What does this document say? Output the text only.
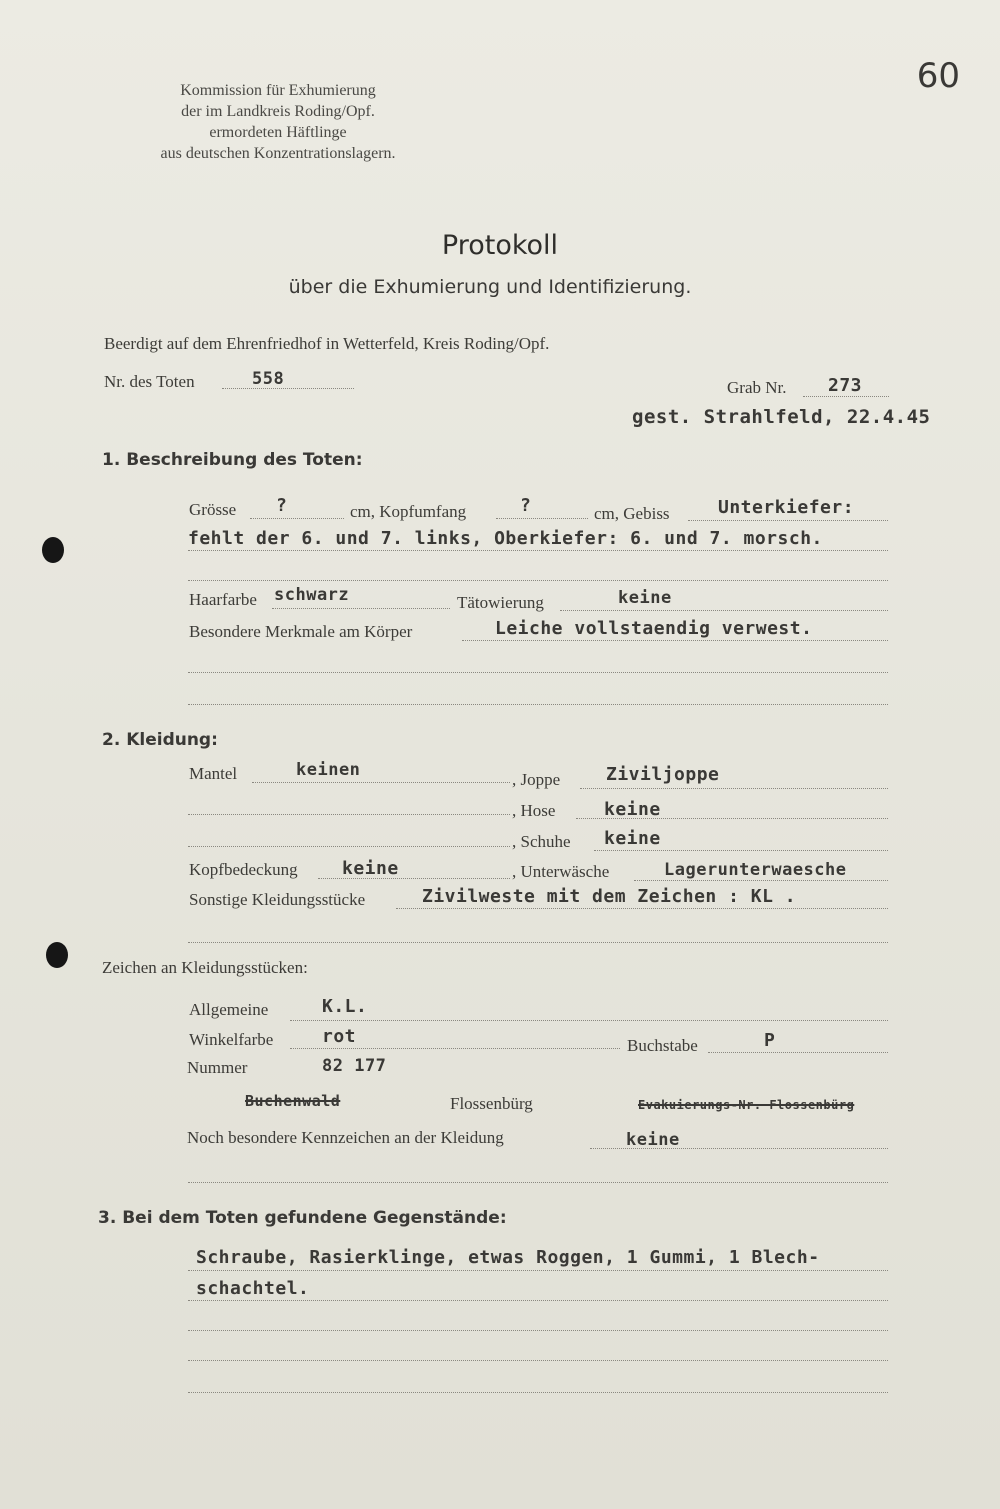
60
Kommission für Exhumierung
der im Landkreis Roding/Opf.
ermordeten Häftlinge
aus deutschen Konzentrationslagern.
Protokoll
über die Exhumierung und Identifizierung.
Beerdigt auf dem Ehrenfriedhof in Wetterfeld, Kreis Roding/Opf.
Nr. des Toten	558	Grab Nr. 273
gest. Strahlfeld, 22.4.45
1. Beschreibung des Toten:
Grösse ?	cm, Kopfumfang	?	cm, Gebiss	Unterkiefer:
fehlt der 6. und 7. links, Oberkiefer: 6. und 7. morsch.
Haarfarbe schwarz	Tätowierung	keine
Besondere Merkmale am Körper	Leiche vollstaendig verwest.
2. Kleidung:
Mantel	keinen	, Joppe	Ziviljoppe
, Hose	keine
, Schuhe keine
Kopfbedeckung keine	, Unterwäsche	Lagerunterwaesche
Sonstige Kleidungsstücke	Zivilweste mit dem Zeichen : KL .
Zeichen an Kleidungsstücken:
Allgemeine	K.L.
Winkelfarbe	rot	Buchstabe	P
Nummer	82 177
Buchenwald	Flossenbürg	Evakuierungs-Nr. Flossenbürg
Noch besondere Kennzeichen an der Kleidung	keine
3. Bei dem Toten gefundene Gegenstände:
Schraube, Rasierklinge, etwas Roggen, 1 Gummi, 1 Blech-
schachtel.
